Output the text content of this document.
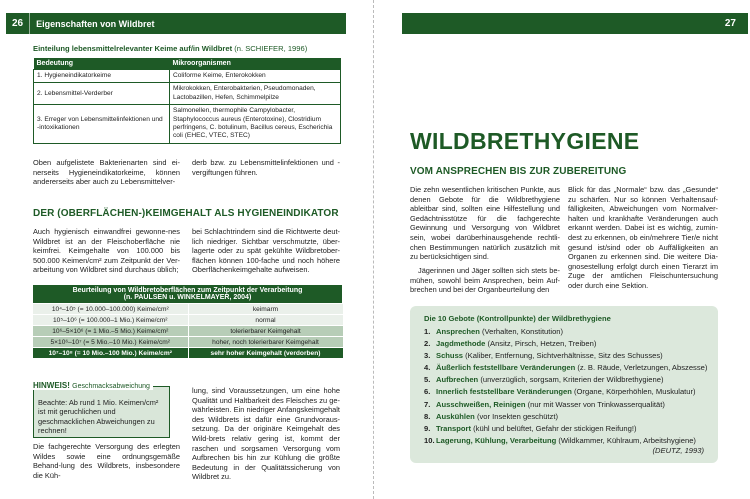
26	Eigenschaften von Wildbret
Einteilung lebensmittelrelevanter Keime auf/in Wildbret (n. SCHIEFER, 1996)
Bedeutung	Mikroorganismen
1. Hygieneindikatorkeime	Coliforme Keime, Enterokokken
2. Lebensmittel-Verderber	Mikrokokken, Enterobakterien, Pseudomonaden, Lactobazillen, Hefen, Schimmelpilze
3. Erreger von Lebensmittelinfektionen und -intoxikationen	Salmonellen, thermophile Campylobacter, Staphylococcus aureus (Enterotoxine), Clostridium perfringens, C. botulinum, Bacillus cereus, Escherichia coli (EHEC, VTEC, STEC)

Oben aufgelistete Bakterienarten sind ei-nerseits Hygieneindikatorkeime, können andererseits aber auch zu Lebensmittelver-

derb bzw. zu Lebensmittelinfektionen und -vergiftungen führen.

DER (OBERFLÄCHEN-)KEIMGEHALT ALS HYGIENEINDIKATOR

Auch hygienisch einwandfrei gewonne-nes Wildbret ist an der Fleischoberfläche nie keimfrei. Keimgehalte von 100.000 bis 500.000 Keimen/cm² zum Zeitpunkt der Ver-arbeitung von Wildbret sind durchaus üblich;

bei Schlachtrindern sind die Richtwerte deut-lich niedriger. Sichtbar verschmutzte, über-lagerte oder zu spät gekühlte Wildbretober-flächen können 100-fache und noch höhere Oberflächenkeimgehalte aufweisen.

Beurteilung von Wildbretoberflächen zum Zeitpunkt der Verarbeitung
(n. PAULSEN u. WINKELMAYER, 2004)	
10⁴–10⁵ (= 10.000–100.000) Keime/cm²	keimarm
10⁵–10⁶ (= 100.000–1 Mio.) Keime/cm²	normal
10⁶–5×10⁶ (= 1 Mio.–5 Mio.) Keime/cm²	tolerierbarer Keimgehalt
5×10⁶–10⁷ (= 5 Mio.–10 Mio.) Keime/cm²	hoher, noch tolerierbarer Keimgehalt
10⁷–10⁸ (= 10 Mio.–100 Mio.) Keime/cm²	sehr hoher Keimgehalt (verdorben)
HINWEIS! Geschmacksabweichung
Beachte: Ab rund 1 Mio. Keimen/cm² ist mit geruchlichen und geschmacklichen Abweichungen zu rechnen!

Die fachgerechte Versorgung des erlegten Wildes sowie eine ordnungsgemäße Behand-lung des Wildbrets, insbesondere die Küh-

lung, sind Voraussetzungen, um eine hohe Qualität und Haltbarkeit des Fleisches zu ge-währleisten. Ein niedriger Anfangskeimgehalt des Wildbrets ist dafür eine Grundvoraus-setzung. Da der originäre Keimgehalt des Wild-brets relativ gering ist, kommt der raschen und sorgsamen Versorgung vom Aufbrechen bis hin zur Kühlung die größte Bedeutung in der Qualitätssicherung von Wildbret zu.

27
WILDBRETHYGIENE
VOM ANSPRECHEN BIS ZUR ZUBEREITUNG

Die zehn wesentlichen kritischen Punkte, aus denen Gebote für die Wildbrethygiene ableitbar sind, sollten eine Hilfestellung und Gedächtnisstütze für die fachgerechte Gewinnung und Versorgung von Wildbret sein, wobei darüberhinausgehende rechtli-chen Bestimmungen natürlich zusätzlich mit zu berücksichtigen sind.

Jägerinnen und Jäger sollten sich stets be-mühen, sowohl beim Ansprechen, beim Auf-brechen und bei der Organbeurteilung den

Blick für das „Normale“ bzw. das „Gesunde“ zu schärfen. Nur so können Verhaltensauf-fälligkeiten, Abweichungen vom Normalver-halten und krankhafte Veränderungen auch erkannt werden. Dabei ist es wichtig, zumin-dest zu erkennen, ob ein/mehrere Tier/e nicht gesund ist/sind oder ob Auffälligkeiten an Organen zu erkennen sind. Die weitere Dia-gnosestellung erfolgt durch einen Tierarzt im Zuge der amtlichen Fleischuntersuchung oder durch eine Sektion.

Die 10 Gebote (Kontrollpunkte) der Wildbrethygiene
1. Ansprechen (Verhalten, Konstitution)
2. Jagdmethode (Ansitz, Pirsch, Hetzen, Treiben)
3. Schuss (Kaliber, Entfernung, Sichtverhältnisse, Sitz des Schusses)
4. Äußerlich feststellbare Veränderungen (z. B. Räude, Verletzungen, Abszesse)
5. Aufbrechen (unverzüglich, sorgsam, Kriterien der Wildbrethygiene)
6. Innerlich feststellbare Veränderungen (Organe, Körperhöhlen, Muskulatur)
7. Ausschweißen, Reinigen (nur mit Wasser von Trinkwasserqualität)
8. Auskühlen (vor Insekten geschützt)
9. Transport (kühl und belüftet, Gefahr der stickigen Reifung!)
10.Lagerung, Kühlung, Verarbeitung (Wildkammer, Kühlraum, Arbeitshygiene)
(DEUTZ, 1993)
